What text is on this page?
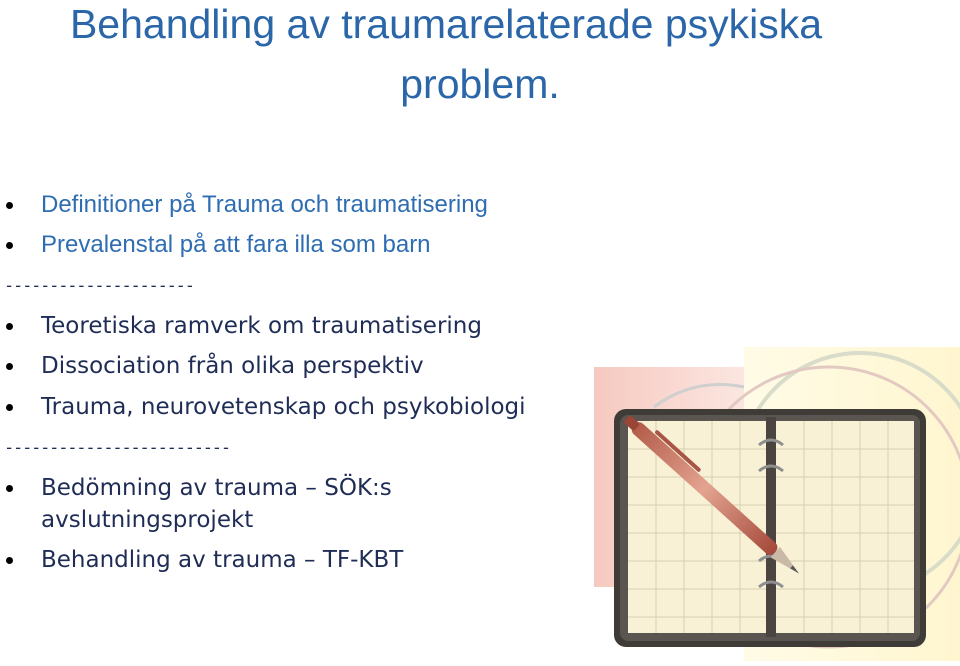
Behandling av traumarelaterade psykiska
problem.
Definitioner på Trauma och traumatisering
Prevalenstal på att fara illa som barn
---------------------
Teoretiska ramverk om traumatisering
Dissociation från olika perspektiv
Trauma, neurovetenskap och psykobiologi
-------------------------
Bedömning av trauma – SÖK:s
avslutningsprojekt
Behandling av trauma – TF-KBT
